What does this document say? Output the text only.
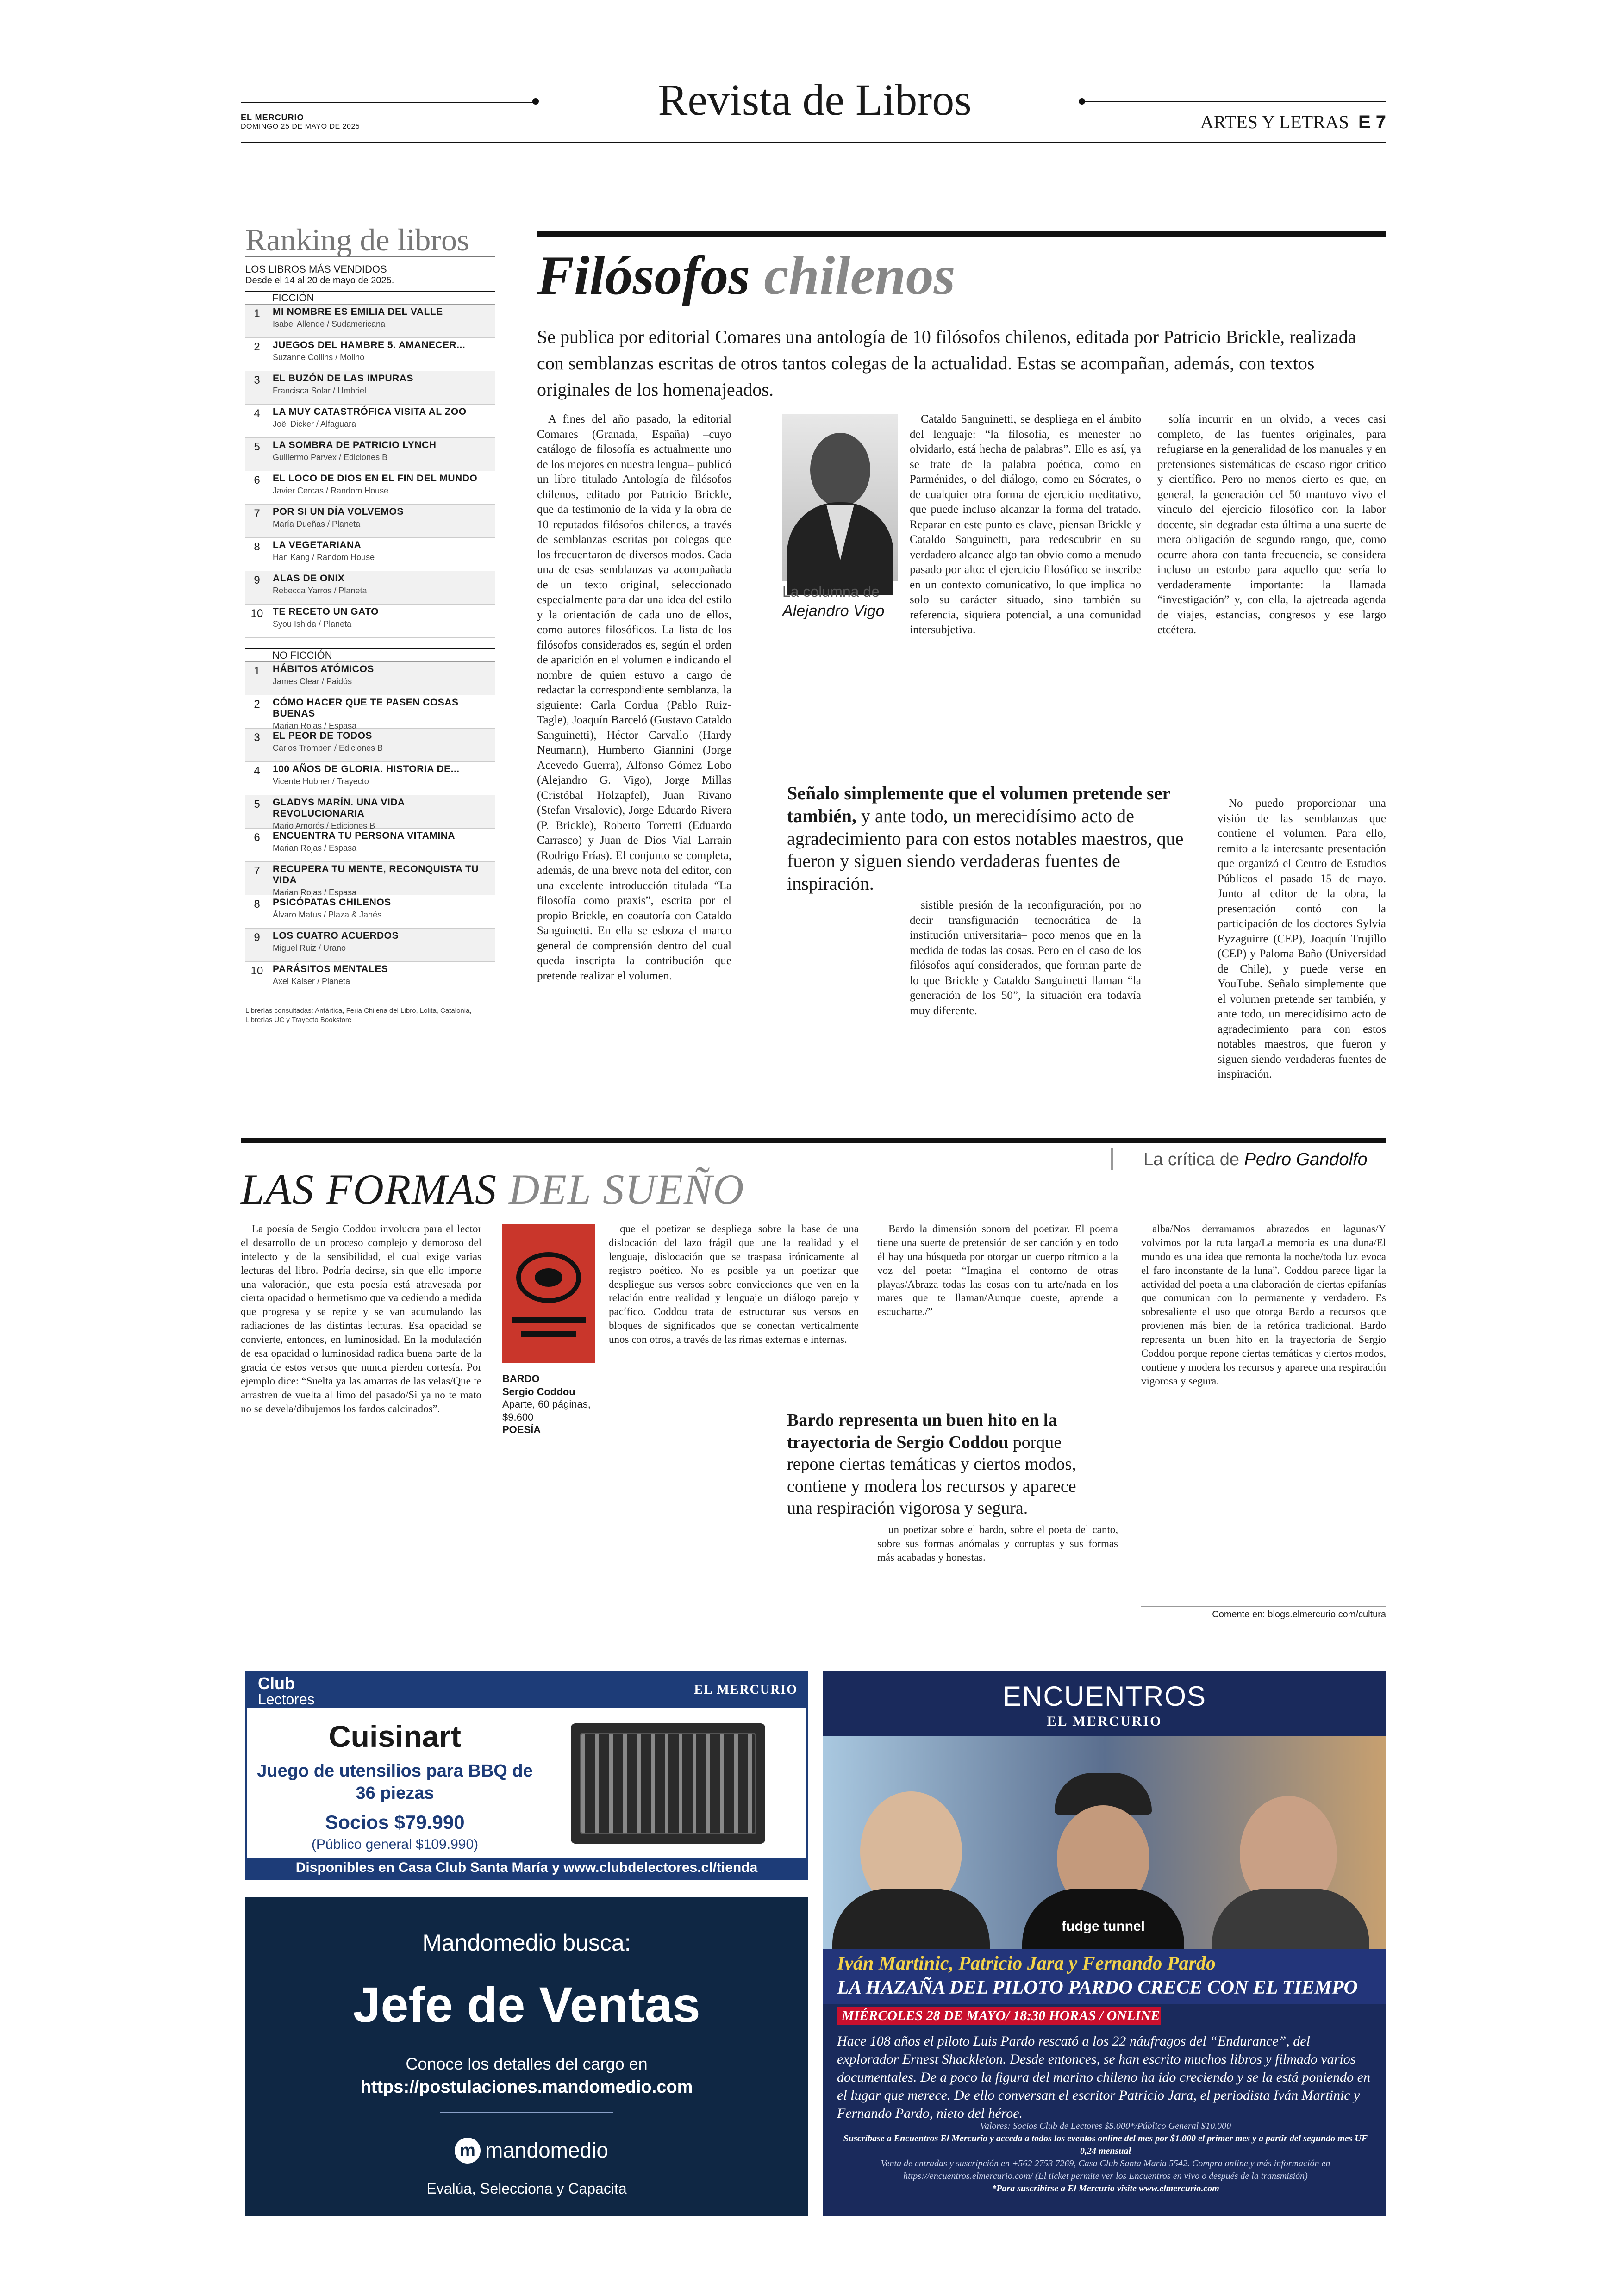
EL MERCURIO
DOMINGO 25 DE MAYO DE 2025
Revista de Libros	ARTES Y LETRAS E 7
Ranking de libros
LOS LIBROS MÁS VENDIDOS
Desde el 14 al 20 de mayo de 2025.
FICCIÓN
1	MI NOMBRE ES EMILIA DEL VALLE
Isabel Allende / Sudamericana
2	JUEGOS DEL HAMBRE 5. AMANECER...
Suzanne Collins / Molino
3	EL BUZÓN DE LAS IMPURAS
Francisca Solar / Umbriel
4	LA MUY CATASTRÓFICA VISITA AL ZOO
Joël Dicker / Alfaguara
5	LA SOMBRA DE PATRICIO LYNCH
Guillermo Parvex / Ediciones B
6	EL LOCO DE DIOS EN EL FIN DEL MUNDO
Javier Cercas / Random House
7	POR SI UN DÍA VOLVEMOS
María Dueñas / Planeta
8	LA VEGETARIANA
Han Kang / Random House
9	ALAS DE ONIX
Rebecca Yarros / Planeta
10 TE RECETO UN GATO
Syou Ishida / Planeta
NO FICCIÓN
1	HÁBITOS ATÓMICOS
James Clear / Paidós
2	CÓMO HACER QUE TE PASEN COSAS BUENAS
Marian Rojas / Espasa
3	EL PEOR DE TODOS
Carlos Tromben / Ediciones B
4	100 AÑOS DE GLORIA. HISTORIA DE...
Vicente Hubner / Trayecto
5	GLADYS MARÍN. UNA VIDA REVOLUCIONARIA
Mario Amorós / Ediciones B
6	ENCUENTRA TU PERSONA VITAMINA
Marian Rojas / Espasa
7	RECUPERA TU MENTE, RECONQUISTA TU VIDA
Marian Rojas / Espasa
8	PSICÓPATAS CHILENOS
Álvaro Matus / Plaza & Janés
9	LOS CUATRO ACUERDOS
Miguel Ruiz / Urano
10 PARÁSITOS MENTALES
Axel Kaiser / Planeta
Librerías consultadas: Antártica, Feria Chilena del Libro, Lolita, Catalonia, Librerías UC y Trayecto Bookstore
Filósofos chilenos
Se publica por editorial Comares una antología de 10 filósofos chilenos, editada por Patricio Brickle, realizada con semblanzas escritas de otros tantos colegas de la actualidad. Estas se acompañan, además, con textos originales de los homenajeados.

A fines del año pasado, la editorial Comares (Granada, España) –cuyo catálogo de filosofía es actualmente uno de los mejores en nuestra lengua– publicó un libro titulado Antología de filósofos chilenos, editado por Patricio Brickle, que da testimonio de la vida y la obra de 10 reputados filósofos chilenos, a través de semblanzas escritas por colegas que los frecuentaron de diversos modos. Cada una de esas semblanzas va acompañada de un texto original, seleccionado especialmente para dar una idea del estilo y la orientación de cada uno de ellos, como autores filosóficos. La lista de los filósofos considerados es, según el orden de aparición en el volumen e indicando el nombre de quien estuvo a cargo de redactar la correspondiente semblanza, la siguiente: Carla Cordua (Pablo Ruiz-Tagle), Joaquín Barceló (Gustavo Cataldo Sanguinetti), Héctor Carvallo (Hardy Neumann), Humberto Giannini (Jorge Acevedo Guerra), Alfonso Gómez Lobo (Alejandro G. Vigo), Jorge Millas (Cristóbal Holzapfel), Juan Rivano (Stefan Vrsalovic), Jorge Eduardo Rivera (P. Brickle), Roberto Torretti (Eduardo Carrasco) y Juan de Dios Vial Larraín (Rodrigo Frías). El conjunto se completa, además, de una breve nota del editor, con una excelente introducción titulada “La filosofía como praxis”, escrita por el propio Brickle, en coautoría con Cataldo Sanguinetti. En ella se esboza el marco general de comprensión dentro del cual queda inscripta la contribución que pretende realizar el volumen.

La columna de
Alejandro Vigo

Cataldo Sanguinetti, se despliega en el ámbito del lenguaje: “la filosofía, es menester no olvidarlo, está hecha de palabras”. Ello es así, ya se trate de la palabra poética, como en Parménides, o del diálogo, como en Sócrates, o de cualquier otra forma de ejercicio meditativo, que puede incluso alcanzar la forma del tratado. Reparar en este punto es clave, piensan Brickle y Cataldo Sanguinetti, para redescubrir en su verdadero alcance algo tan obvio como a menudo pasado por alto: el ejercicio filosófico se inscribe en un contexto comunicativo, lo que implica no solo su carácter situado, sino también su referencia, siquiera potencial, a una comunidad intersubjetiva.

solía incurrir en un olvido, a veces casi completo, de las fuentes originales, para refugiarse en la generalidad de los manuales y en pretensiones sistemáticas de escaso rigor crítico y científico. Pero no menos cierto es que, en general, la generación del 50 mantuvo vivo el vínculo del ejercicio filosófico con la labor docente, sin degradar esta última a una suerte de mera obligación de segundo rango, que, como ocurre ahora con tanta frecuencia, se considera incluso un estorbo para aquello que sería lo verdaderamente importante: la llamada “investigación” y, con ella, la ajetreada agenda de viajes, estancias, congresos y ese largo etcétera.

Señalo simplemente que el volumen pretende ser también, y ante todo, un merecidísimo acto de agradecimiento para con estos notables maestros, que fueron y siguen siendo verdaderas fuentes de inspiración.

sistible presión de la reconfiguración, por no decir transfiguración tecnocrática de la institución universitaria– poco menos que en la medida de todas las cosas. Pero en el caso de los filósofos aquí considerados, que forman parte de lo que Brickle y Cataldo Sanguinetti llaman “la generación de los 50”, la situación era todavía muy diferente.

No puedo proporcionar una visión de las semblanzas que contiene el volumen. Para ello, remito a la interesante presentación que organizó el Centro de Estudios Públicos el pasado 15 de mayo. Junto al editor de la obra, la presentación contó con la participación de los doctores Sylvia Eyzaguirre (CEP), Joaquín Trujillo (CEP) y Paloma Baño (Universidad de Chile), y puede verse en YouTube. Señalo simplemente que el volumen pretende ser también, y ante todo, un merecidísimo acto de agradecimiento para con estos notables maestros, que fueron y siguen siendo verdaderas fuentes de inspiración.

La crítica de Pedro Gandolfo
LAS FORMAS DEL SUEÑO

La poesía de Sergio Coddou involucra para el lector el desarrollo de un proceso complejo y demoroso del intelecto y de la sensibilidad, el cual exige varias lecturas del libro. Podría decirse, sin que ello importe una valoración, que esta poesía está atravesada por cierta opacidad o hermetismo que va cediendo a medida que progresa y se repite y se van acumulando las radiaciones de las distintas lecturas. Esa opacidad se convierte, entonces, en luminosidad. En la modulación de esa opacidad o luminosidad radica buena parte de la gracia de estos versos que nunca pierden cortesía. Por ejemplo dice: “Suelta ya las amarras de las velas/Que te arrastren de vuelta al limo del pasado/Si ya no te mato no se devela/dibujemos los fardos calcinados”.

BARDO
Sergio Coddou
Aparte, 60 páginas, $9.600
POESÍA

que el poetizar se despliega sobre la base de una dislocación del lazo frágil que une la realidad y el lenguaje, dislocación que se traspasa irónicamente al registro poético. No es posible ya un poetizar que despliegue sus versos sobre convicciones que ven en la relación entre realidad y lenguaje un diálogo parejo y pacífico. Coddou trata de estructurar sus versos en bloques de significados que se conectan verticalmente unos con otros, a través de las rimas externas e internas.

Bardo representa un buen hito en la trayectoria de Sergio Coddou porque repone ciertas temáticas y ciertos modos, contiene y modera los recursos y aparece una respiración vigorosa y segura.

Bardo la dimensión sonora del poetizar. El poema tiene una suerte de pretensión de ser canción y en todo él hay una búsqueda por otorgar un cuerpo rítmico a la voz del poeta: “Imagina el contorno de otras playas/Abraza todas las cosas con tu arte/nada en los mares que te llaman/Aunque cueste, aprende a escucharte./”

un poetizar sobre el bardo, sobre el poeta del canto, sobre sus formas anómalas y corruptas y sus formas más acabadas y honestas.

alba/Nos derramamos abrazados en lagunas/Y volvimos por la ruta larga/La memoria es una duna/El mundo es una idea que remonta la noche/toda luz evoca el faro inconstante de la luna”. Coddou parece ligar la actividad del poeta a una elaboración de ciertas epifanías que comunican con lo permanente y verdadero. Es sobresaliente el uso que otorga Bardo a recursos que provienen más bien de la retórica tradicional. Bardo representa un buen hito en la trayectoria de Sergio Coddou porque repone ciertas temáticas y ciertos modos, contiene y modera los recursos y aparece una respiración vigorosa y segura.

Comente en: blogs.elmercurio.com/cultura
Club
Lectores
EL MERCURIO
Cuisinart
Juego de utensilios para BBQ de 36 piezas
Socios $79.990
(Público general $109.990)
Disponibles en Casa Club Santa María y www.clubdelectores.cl/tienda
Mandomedio busca:
Jefe de Ventas
Conoce los detalles del cargo en
https://postulaciones.mandomedio.com
m mandomedio
Evalúa, Selecciona y Capacita
ENCUENTROS
EL MERCURIO
fudge tunnel
Iván Martinic, Patricio Jara y Fernando Pardo
LA HAZAÑA DEL PILOTO PARDO CRECE CON EL TIEMPO
MIÉRCOLES 28 DE MAYO/ 18:30 HORAS / ONLINE
Hace 108 años el piloto Luis Pardo rescató a los 22 náufragos del “Endurance”, del explorador Ernest Shackleton. Desde entonces, se han escrito muchos libros y filmado varios documentales. De a poco la figura del marino chileno ha ido creciendo y se la está poniendo en el lugar que merece. De ello conversan el escritor Patricio Jara, el periodista Iván Martinic y Fernando Pardo, nieto del héroe.
Valores: Socios Club de Lectores $5.000*/Público General $10.000
Suscríbase a Encuentros El Mercurio y acceda a todos los eventos online del mes por $1.000 el primer mes y a partir del segundo mes UF 0,24 mensual
Venta de entradas y suscripción en +562 2753 7269, Casa Club Santa María 5542. Compra online y más información en https://encuentros.elmercurio.com/ (El ticket permite ver los Encuentros en vivo o después de la transmisión)
*Para suscribirse a El Mercurio visite www.elmercurio.com
